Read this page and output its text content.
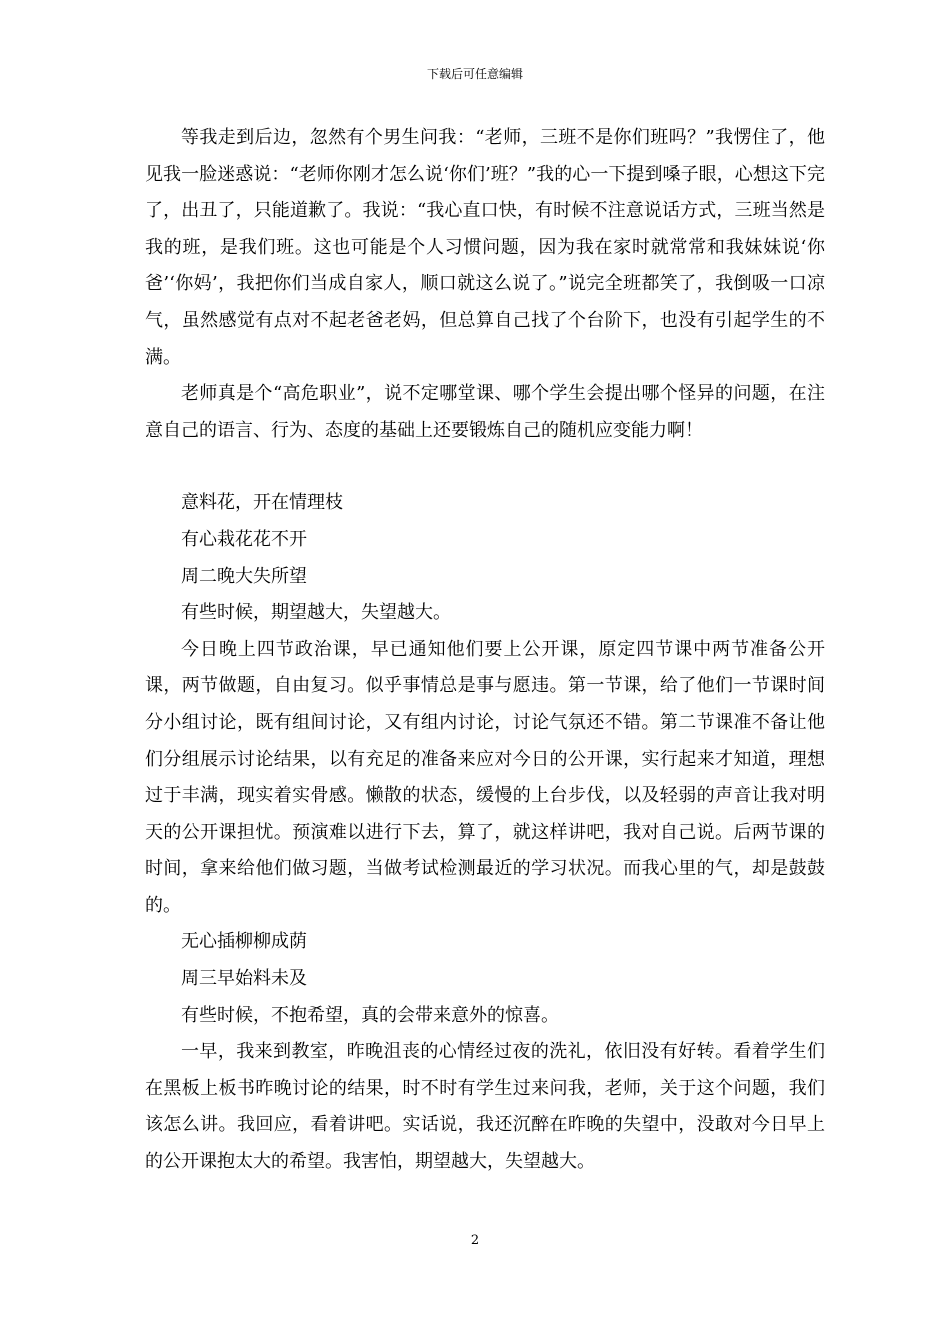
下载后可任意编辑

等我走到后边，忽然有个男生问我：“老师，三班不是你们班吗？”我愣住了，他见我一脸迷惑说：“老师你刚才怎么说‘你们’班？”我的心一下提到嗓子眼，心想这下完了，出丑了，只能道歉了。我说：“我心直口快，有时候不注意说话方式，三班当然是我的班，是我们班。这也可能是个人习惯问题，因为我在家时就常常和我妹妹说‘你爸’‘你妈’，我把你们当成自家人，顺口就这么说了。”说完全班都笑了，我倒吸一口凉气，虽然感觉有点对不起老爸老妈，但总算自己找了个台阶下，也没有引起学生的不满。

老师真是个“高危职业”，说不定哪堂课、哪个学生会提出哪个怪异的问题，在注意自己的语言、行为、态度的基础上还要锻炼自己的随机应变能力啊！

意料花，开在情理枝

有心栽花花不开

周二晚大失所望

有些时候，期望越大，失望越大。

今日晚上四节政治课，早已通知他们要上公开课，原定四节课中两节准备公开课，两节做题，自由复习。似乎事情总是事与愿违。第一节课，给了他们一节课时间分小组讨论，既有组间讨论，又有组内讨论，讨论气氛还不错。第二节课准不备让他们分组展示讨论结果，以有充足的准备来应对今日的公开课，实行起来才知道，理想过于丰满，现实着实骨感。懒散的状态，缓慢的上台步伐，以及轻弱的声音让我对明天的公开课担忧。预演难以进行下去，算了，就这样讲吧，我对自己说。后两节课的时间，拿来给他们做习题，当做考试检测最近的学习状况。而我心里的气，却是鼓鼓的。

无心插柳柳成荫

周三早始料未及

有些时候，不抱希望，真的会带来意外的惊喜。

一早，我来到教室，昨晚沮丧的心情经过夜的洗礼，依旧没有好转。看着学生们在黑板上板书昨晚讨论的结果，时不时有学生过来问我，老师，关于这个问题，我们该怎么讲。我回应，看着讲吧。实话说，我还沉醉在昨晚的失望中，没敢对今日早上的公开课抱太大的希望。我害怕，期望越大，失望越大。

2
